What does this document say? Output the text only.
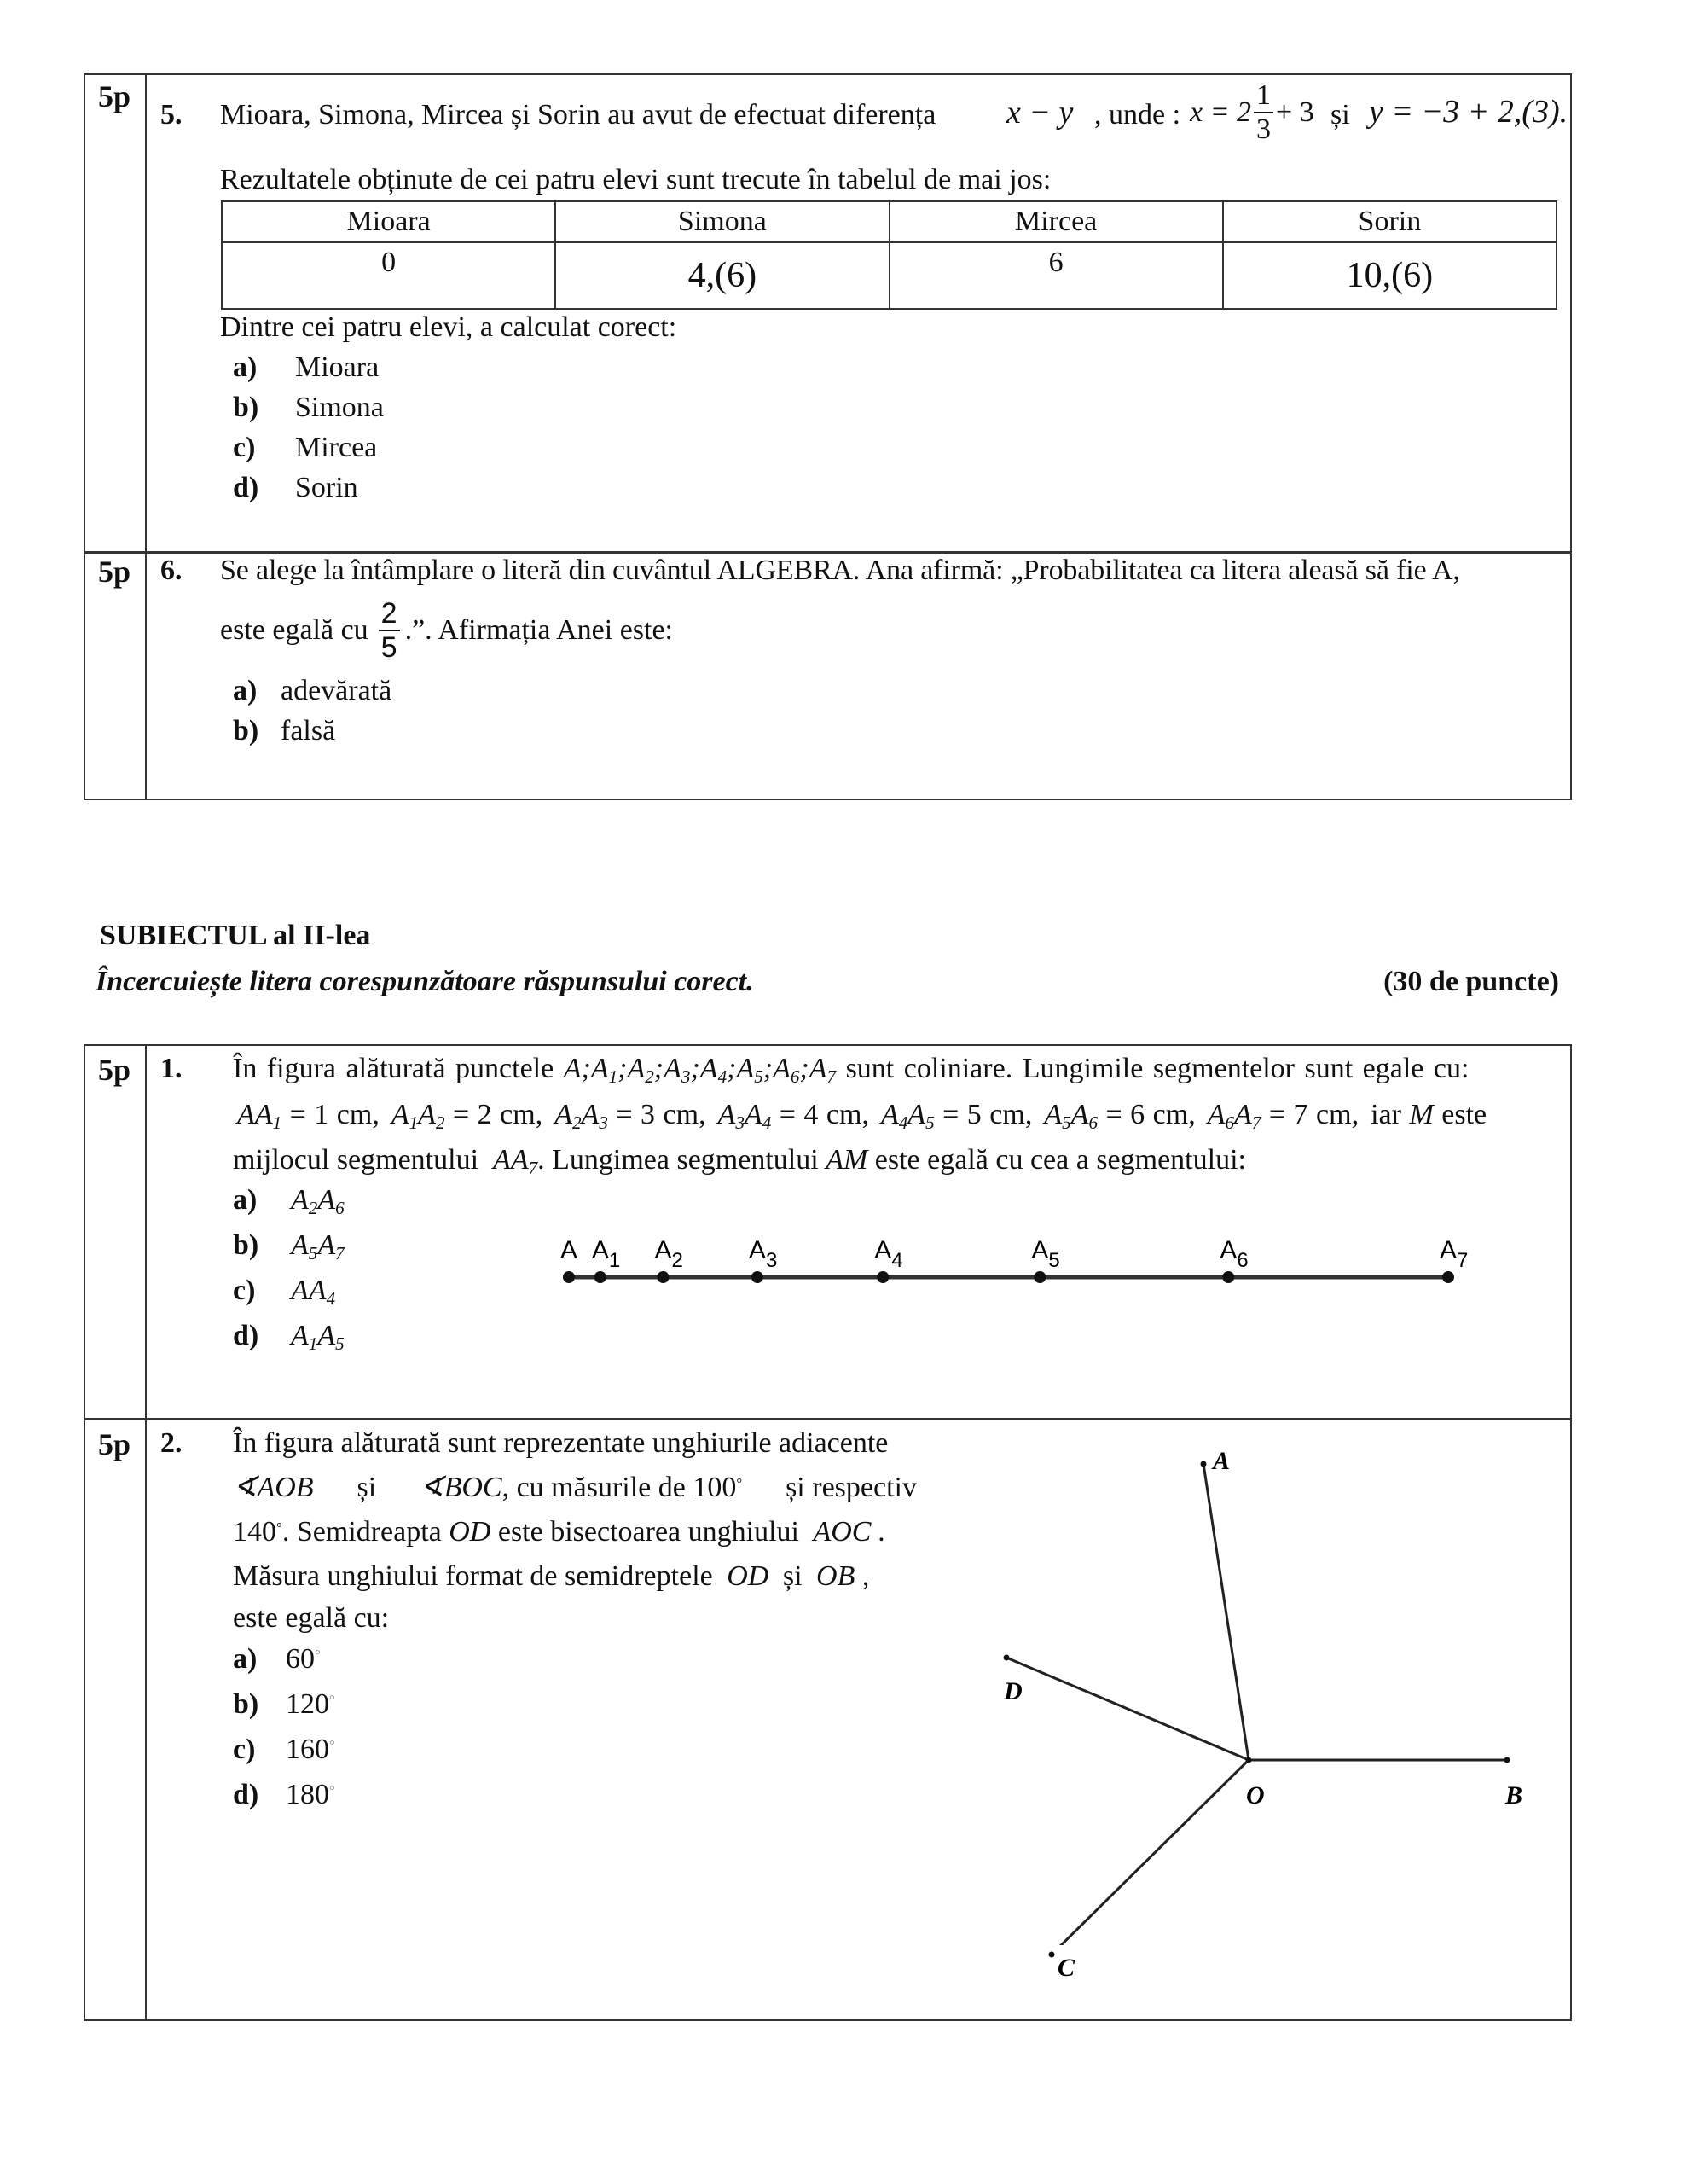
5p
5. Mioara, Simona, Mircea și Sorin au avut de efectuat diferența x − y , unde : $x = 2 \frac{1}{3} + 3$ și y = −3 + 2,(3).
Rezultatele obținute de cei patru elevi sunt trecute în tabelul de mai jos:
Mioara	Simona	Mircea	Sorin
0	4,(6)	6	10,(6)
Dintre cei patru elevi, a calculat corect:
a) Mioara
b) Simona
c) Mircea
d) Sorin
5p 6. Se alege la întâmplare o literă din cuvântul ALGEBRA. Ana afirmă: „Probabilitatea ca litera aleasă să fie A,
este egală cu $\frac{2}{5}$ .”. Afirmația Anei este:
a) adevărată
b) falsă
SUBIECTUL al II-lea
Încercuiește litera corespunzătoare răspunsului corect.	(30 de puncte)
5p 1. În figura alăturată punctele $A;A_1;A_2;A_3;A_4;A_5;A_6;A_7$ sunt coliniare. Lungimile segmentelor sunt egale cu:
$AA_1 = 1$ cm, $A_1A_2 = 2$ cm, $A_2A_3 = 3$ cm, $A_3A_4 = 4$ cm, $A_4A_5 = 5$ cm, $A_5A_6 = 6$ cm, $A_6A_7 = 7$ cm, iar M este
mijlocul segmentului  $AA_7$. Lungimea segmentului AM este egală cu cea a segmentului:
a) $A_2A_6$
b) $A_5A_7$
c) $AA_4$
d) $A_1A_5$
A $A_1$ $A_2$	$A_3$	$A_4$	$A_5$	$A_6$	$A_7$
5p 2. În figura alăturată sunt reprezentate unghiurile adiacente
∢AOB și ∢BOC, cu măsurile de 100° și respectiv
140°. Semidreapta OD este bisectoarea unghiului AOC .
Măsura unghiului format de semidreptele OD și OB ,
este egală cu:
a) 60°
b) 120°
c) 160°
d) 180°
A
B
O
D
C
